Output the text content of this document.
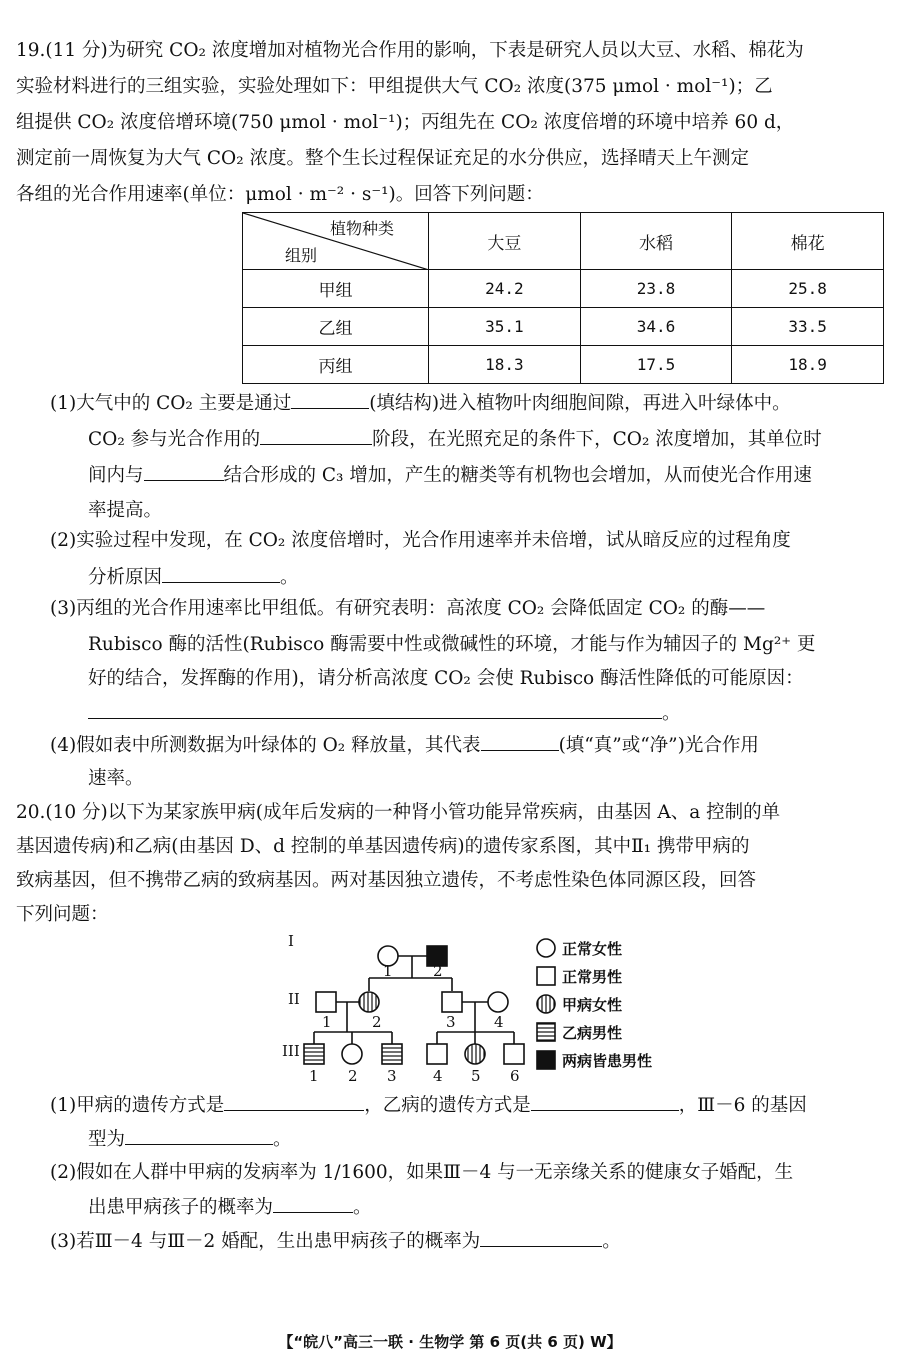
19.(11 分)为研究 CO₂ 浓度增加对植物光合作用的影响，下表是研究人员以大豆、水稻、棉花为
实验材料进行的三组实验，实验处理如下：甲组提供大气 CO₂ 浓度(375 μmol · mol⁻¹)；乙
组提供 CO₂ 浓度倍增环境(750 μmol · mol⁻¹)；丙组先在 CO₂ 浓度倍增的环境中培养 60 d，
测定前一周恢复为大气 CO₂ 浓度。整个生长过程保证充足的水分供应，选择晴天上午测定
各组的光合作用速率(单位：μmol · m⁻² · s⁻¹)。回答下列问题：
植物种类
组别	大豆	水稻	棉花
甲组	24.2	23.8	25.8
乙组	35.1	34.6	33.5
丙组	18.3	17.5	18.9
(1)大气中的 CO₂ 主要是通过	(填结构)进入植物叶肉细胞间隙，再进入叶绿体中。
CO₂ 参与光合作用的	阶段，在光照充足的条件下，CO₂ 浓度增加，其单位时
间内与	结合形成的 C₃ 增加，产生的糖类等有机物也会增加，从而使光合作用速
率提高。
(2)实验过程中发现，在 CO₂ 浓度倍增时，光合作用速率并未倍增，试从暗反应的过程角度
分析原因	。
(3)丙组的光合作用速率比甲组低。有研究表明：高浓度 CO₂ 会降低固定 CO₂ 的酶——
Rubisco 酶的活性(Rubisco 酶需要中性或微碱性的环境，才能与作为辅因子的 Mg²⁺ 更
好的结合，发挥酶的作用)，请分析高浓度 CO₂ 会使 Rubisco 酶活性降低的可能原因：
。
(4)假如表中所测数据为叶绿体的 O₂ 释放量，其代表	(填“真”或“净”)光合作用
速率。
20.(10 分)以下为某家族甲病(成年后发病的一种肾小管功能异常疾病，由基因 A、a 控制的单
基因遗传病)和乙病(由基因 D、d 控制的单基因遗传病)的遗传家系图，其中Ⅱ₁ 携带甲病的
致病基因，但不携带乙病的致病基因。两对基因独立遗传，不考虑性染色体同源区段，回答
下列问题：
I
II
III
1	2
1	2	3	4
1 2 3 4 5 6
正常女性
正常男性
甲病女性
乙病男性
两病皆患男性
(1)甲病的遗传方式是	，乙病的遗传方式是	，Ⅲ－6 的基因
型为	。
(2)假如在人群中甲病的发病率为 1/1600，如果Ⅲ－4 与一无亲缘关系的健康女子婚配，生
出患甲病孩子的概率为	。
(3)若Ⅲ－4 与Ⅲ－2 婚配，生出患甲病孩子的概率为	。
【“皖八”高三一联 · 生物学 第 6 页(共 6 页) W】
